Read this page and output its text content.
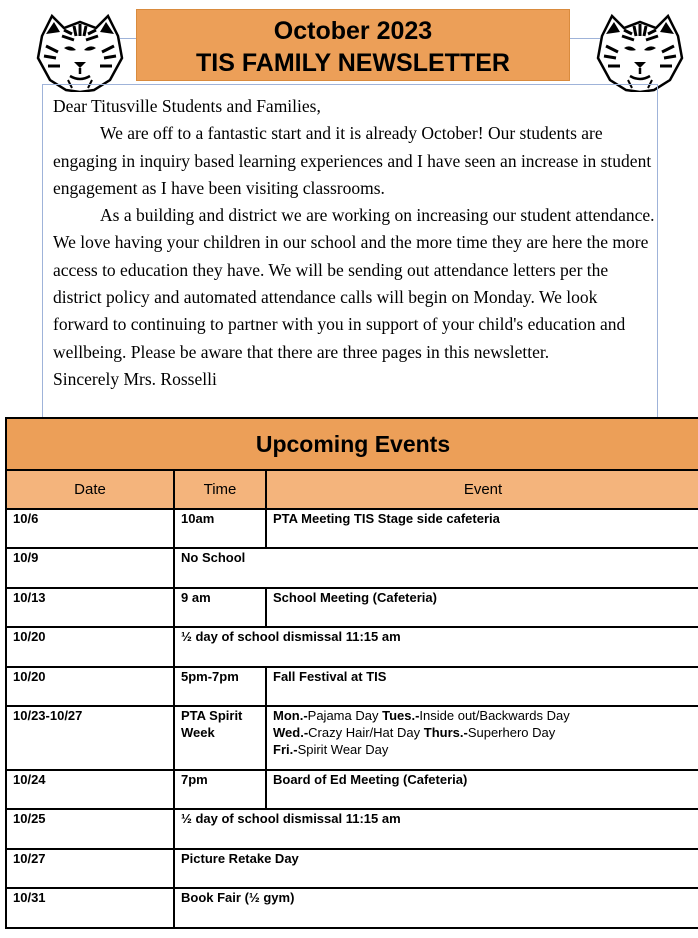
October 2023
TIS FAMILY NEWSLETTER

Dear Titusville Students and Families,

We are off to a fantastic start and it is already October! Our students are engaging in inquiry based learning experiences and I have seen an increase in student engagement as I have been visiting classrooms.

As a building and district we are working on increasing our student attendance. We love having your children in our school and the more time they are here the more access to education they have. We will be sending out attendance letters per the district policy and automated attendance calls will begin on Monday. We look forward to continuing to partner with you in support of your child's education and wellbeing. Please be aware that there are three pages in this newsletter.

Sincerely Mrs. Rosselli

Upcoming Events		
Date	Time	Event
10/6	10am	PTA Meeting TIS Stage side cafeteria
10/9	No School	
10/13	9 am	School Meeting (Cafeteria)
10/20	½ day of school dismissal 11:15 am	
10/20	5pm-7pm	Fall Festival at TIS
10/23-10/27	PTA Spirit Week	Mon.-Pajama Day Tues.-Inside out/Backwards Day
Wed.-Crazy Hair/Hat Day Thurs.-Superhero Day
Fri.-Spirit Wear Day
10/24	7pm	Board of Ed Meeting (Cafeteria)
10/25	½ day of school dismissal 11:15 am	
10/27	Picture Retake Day	
10/31	Book Fair (½ gym)	
